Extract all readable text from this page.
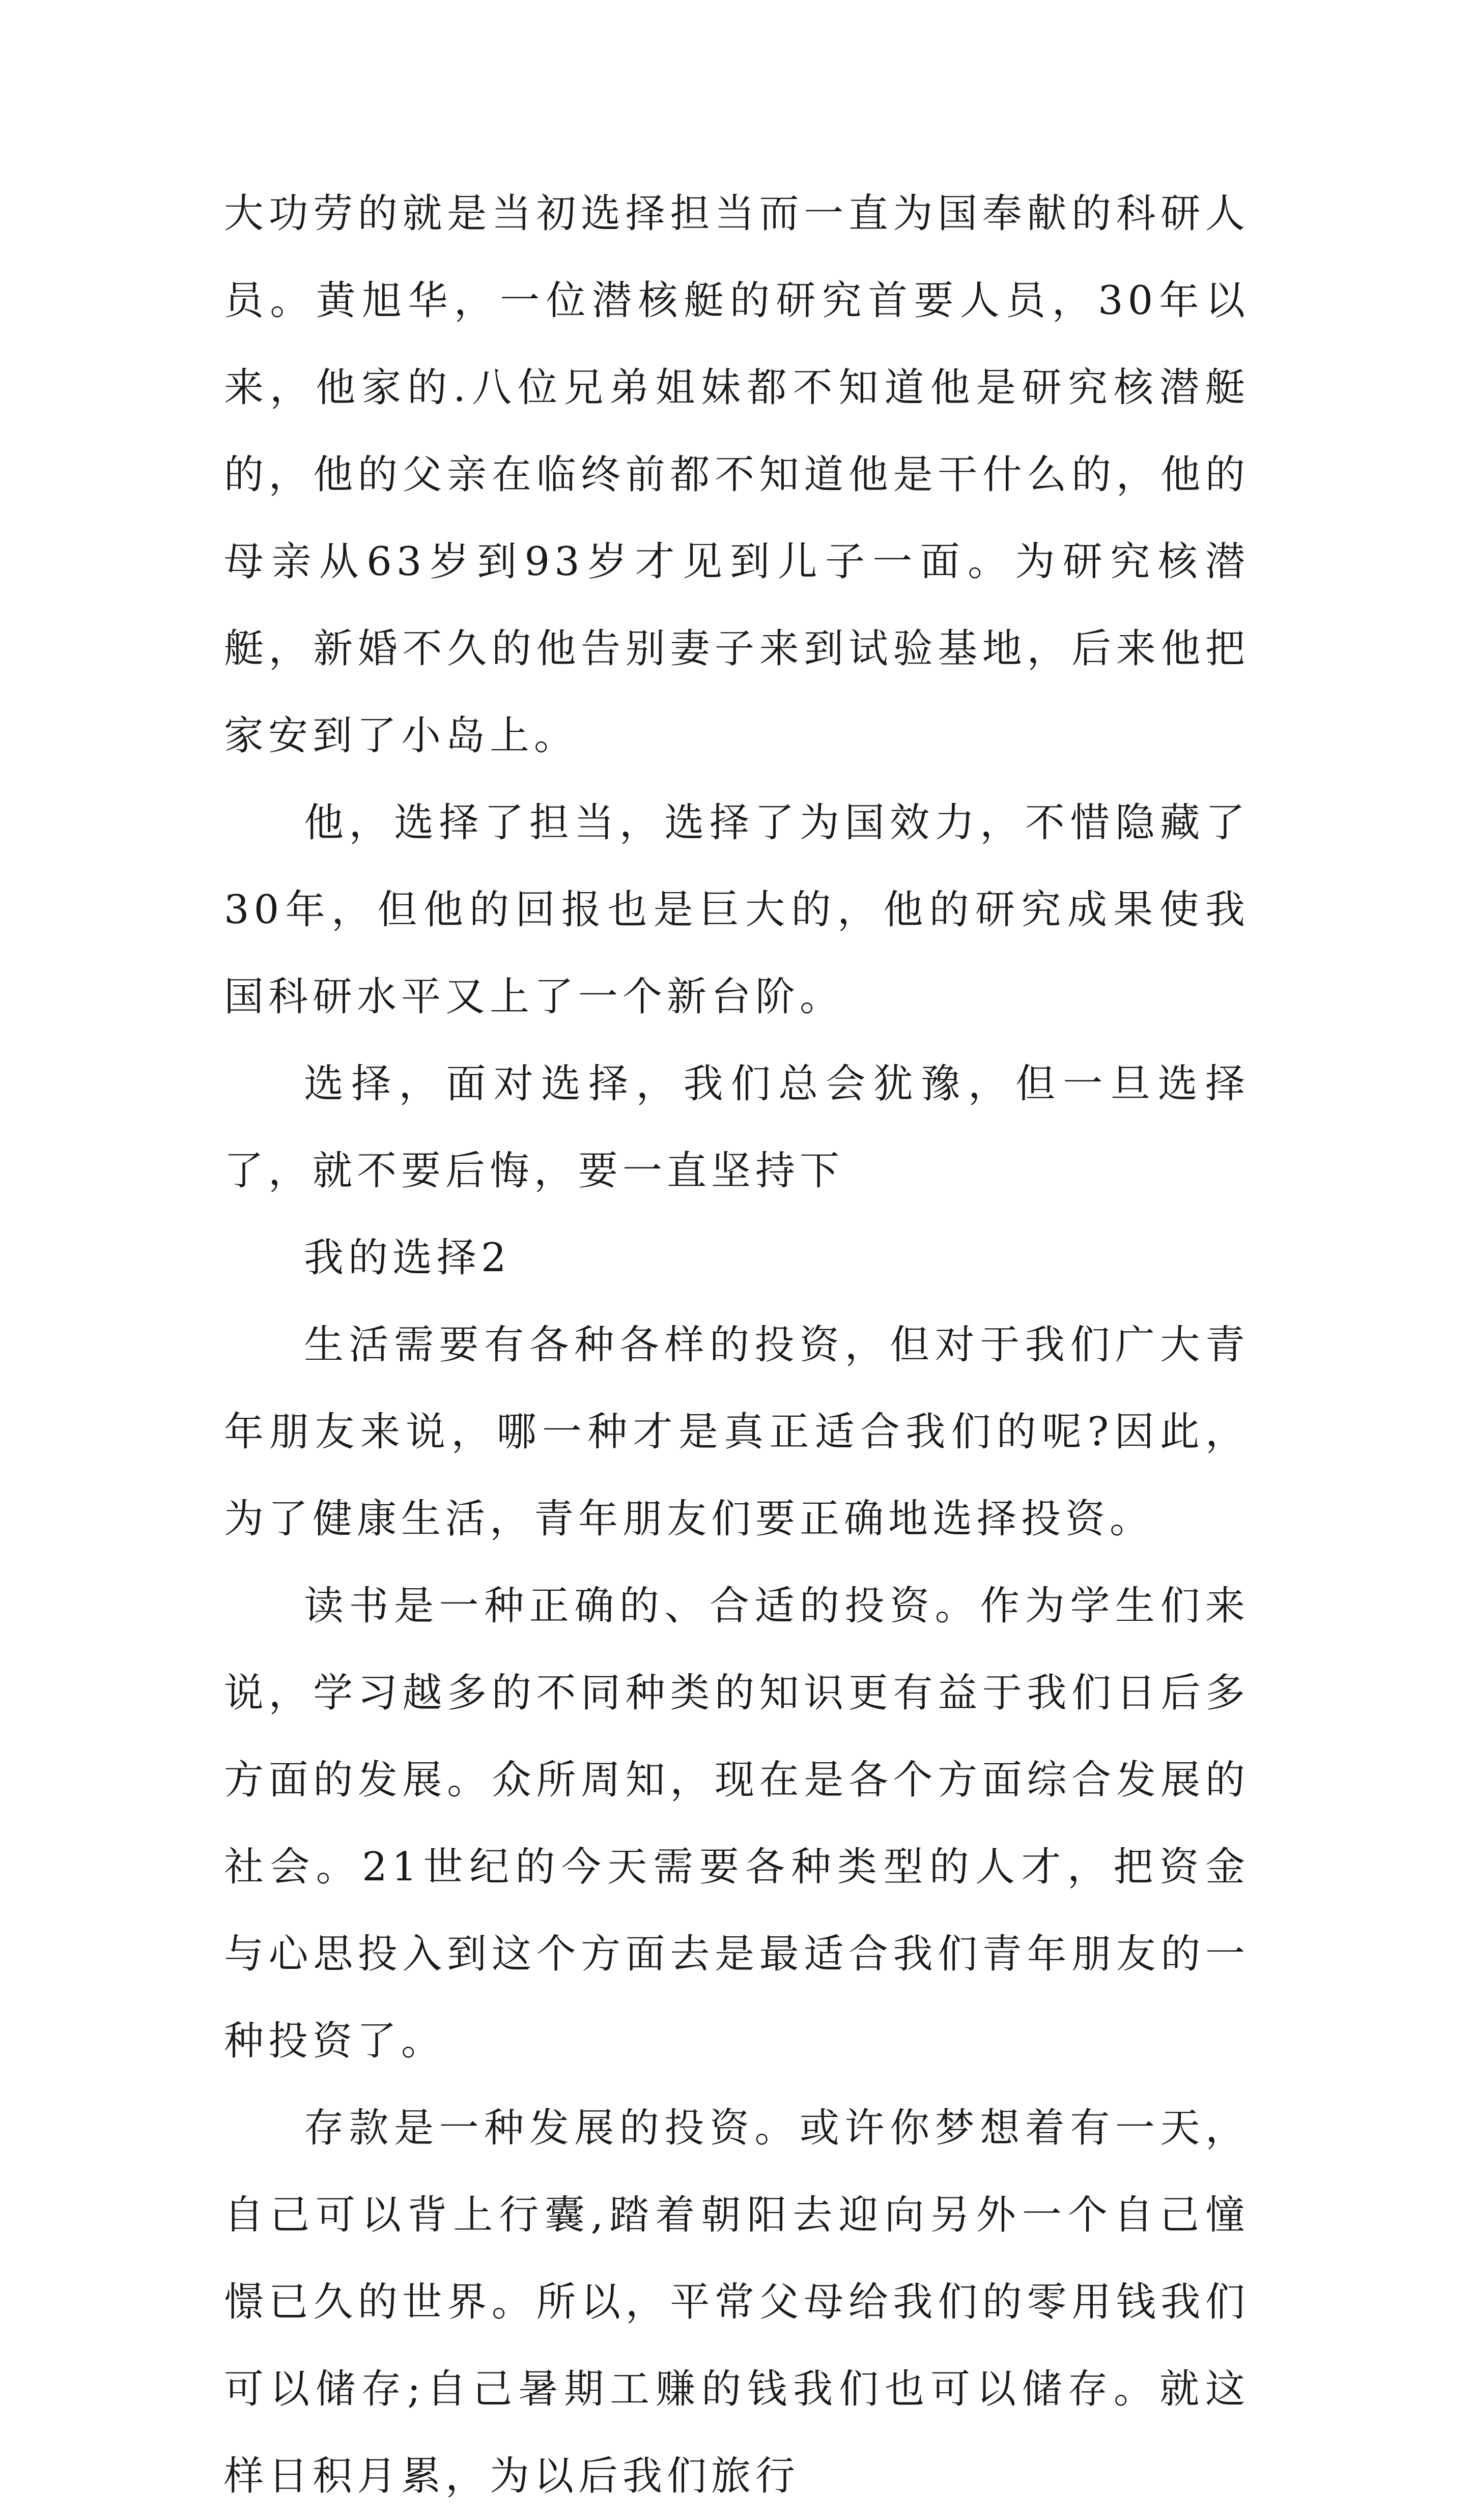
大功劳的就是当初选择担当而一直为国奉献的科研人员。黄旭华，一位潜核艇的研究首要人员，30年以来，他家的.八位兄弟姐妹都不知道他是研究核潜艇的，他的父亲在临终前都不知道他是干什么的，他的母亲从63岁到93岁才见到儿子一面。为研究核潜艇，新婚不久的他告别妻子来到试验基地，后来他把家安到了小岛上。

他，选择了担当，选择了为国效力，不惜隐藏了30年，但他的回报也是巨大的，他的研究成果使我国科研水平又上了一个新台阶。

选择，面对选择，我们总会犹豫，但一旦选择了，就不要后悔，要一直坚持下

我的选择2

生活需要有各种各样的投资，但对于我们广大青年朋友来说，哪一种才是真正适合我们的呢?因此，为了健康生活，青年朋友们要正确地选择投资。

读书是一种正确的、合适的投资。作为学生们来说，学习越多的不同种类的知识更有益于我们日后多方面的发展。众所周知，现在是各个方面综合发展的社会。21世纪的今天需要各种类型的人才，把资金与心思投入到这个方面去是最适合我们青年朋友的一种投资了。

存款是一种发展的投资。或许你梦想着有一天，自己可以背上行囊,踏着朝阳去迎向另外一个自己憧憬已久的世界。所以，平常父母给我们的零用钱我们可以储存;自己暑期工赚的钱我们也可以储存。就这样日积月累，为以后我们旅行
